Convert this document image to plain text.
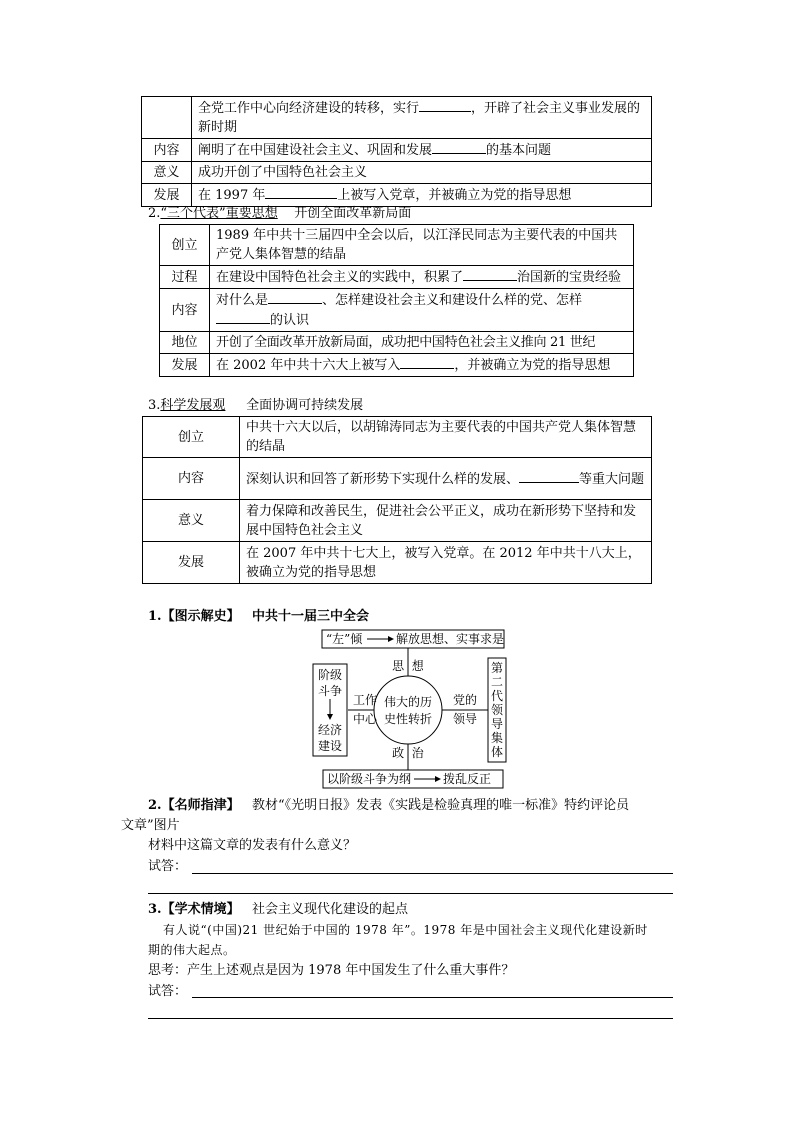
	全党工作中心向经济建设的转移，实行 ，开辟了社会主义事业发展的新时期
内容	阐明了在中国建设社会主义、巩固和发展 的基本问题
意义	成功开创了中国特色社会主义
发展	在 1997 年 上被写入党章，并被确立为党的指导思想
2.“三个代表”重要思想 开创全面改革新局面
创立	1989 年中共十三届四中全会以后，以江泽民同志为主要代表的中国共产党人集体智慧的结晶
过程	在建设中国特色社会主义的实践中，积累了 治国新的宝贵经验
内容	对什么是 、怎样建设社会主义和建设什么样的党、怎样
的认识
地位	开创了全面改革开放新局面，成功把中国特色社会主义推向 21 世纪
发展	在 2002 年中共十六大上被写入 ，并被确立为党的指导思想
3.科学发展观 全面协调可持续发展
创立	中共十六大以后，以胡锦涛同志为主要代表的中国共产党人集体智慧的结晶
内容	深刻认识和回答了新形势下实现什么样的发展、 等重大问题
意义	着力保障和改善民生，促进社会公平正义，成功在新形势下坚持和发展中国特色社会主义
发展	在 2007 年中共十七大上，被写入党章。在 2012 年中共十八大上，被确立为党的指导思想
1.【图示解史】 中共十一届三中全会
“左”倾	解放思想、实事求是
伟大的历
史性转折
思  想
政  治
工作
中心
党的
领导
阶级
斗争
经济
建设
第
二
代
领
导
集
体
以阶级斗争为纲	拨乱反正
2.【名师指津】 教材“《光明日报》发表《实践是检验真理的唯一标准》特约评论员
文章”图片
材料中这篇文章的发表有什么意义？
试答：
3.【学术情境】 社会主义现代化建设的起点
有人说“(中国)21 世纪始于中国的 1978 年”。1978 年是中国社会主义现代化建设新时
期的伟大起点。
思考：产生上述观点是因为 1978 年中国发生了什么重大事件？
试答：
